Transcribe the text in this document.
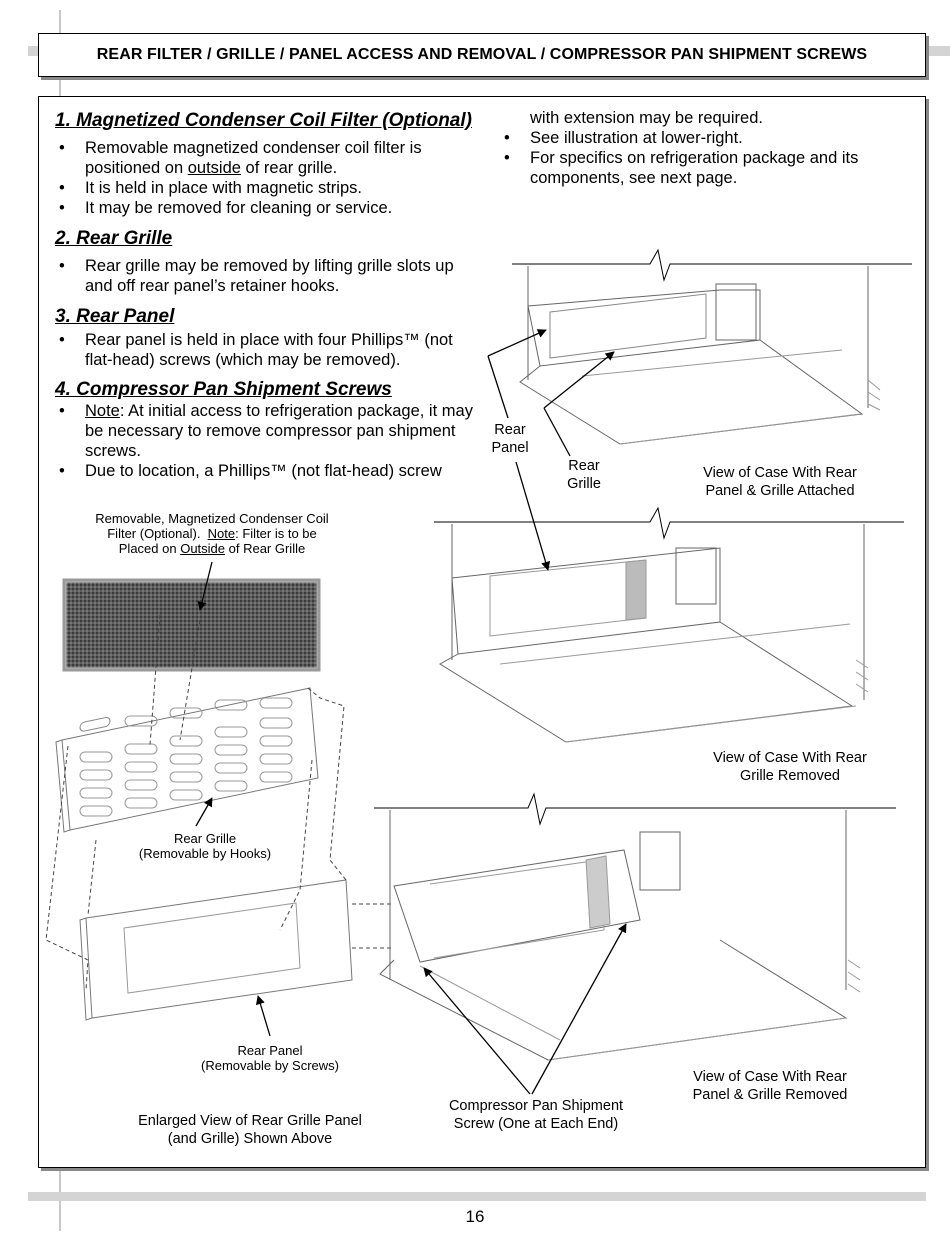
REAR FILTER / GRILLE / PANEL ACCESS AND REMOVAL / COMPRESSOR PAN SHIPMENT SCREWS
1. Magnetized Condenser Coil Filter (Optional)
• Removable magnetized condenser coil filter is positioned on outside of rear grille.
• It is held in place with magnetic strips.
• It may be removed for cleaning or service.
2. Rear Grille
• Rear grille may be removed by lifting grille slots up and off rear panel’s retainer hooks.
3. Rear Panel
• Rear panel is held in place with four Phillips™ (not flat-head) screws (which may be removed).
4. Compressor Pan Shipment Screws
• Note: At initial access to refrigeration package, it may be necessary to remove compressor pan shipment screws.
• Due to location, a Phillips™ (not flat-head) screw
with extension may be required.
• See illustration at lower-right.
• For specifics on refrigeration package and its components, see next page.
Removable, Magnetized Condenser Coil
Filter (Optional).  Note: Filter is to be
Placed on Outside of Rear Grille
Rear Grille
(Removable by Hooks)
Rear Panel
(Removable by Screws)
Enlarged View of Rear Grille Panel
(and Grille) Shown Above
Rear
Panel
Rear
Grille
View of Case With Rear
Panel & Grille Attached
View of Case With Rear
Grille Removed
View of Case With Rear
Panel & Grille Removed
Compressor Pan Shipment
Screw (One at Each End)
16
